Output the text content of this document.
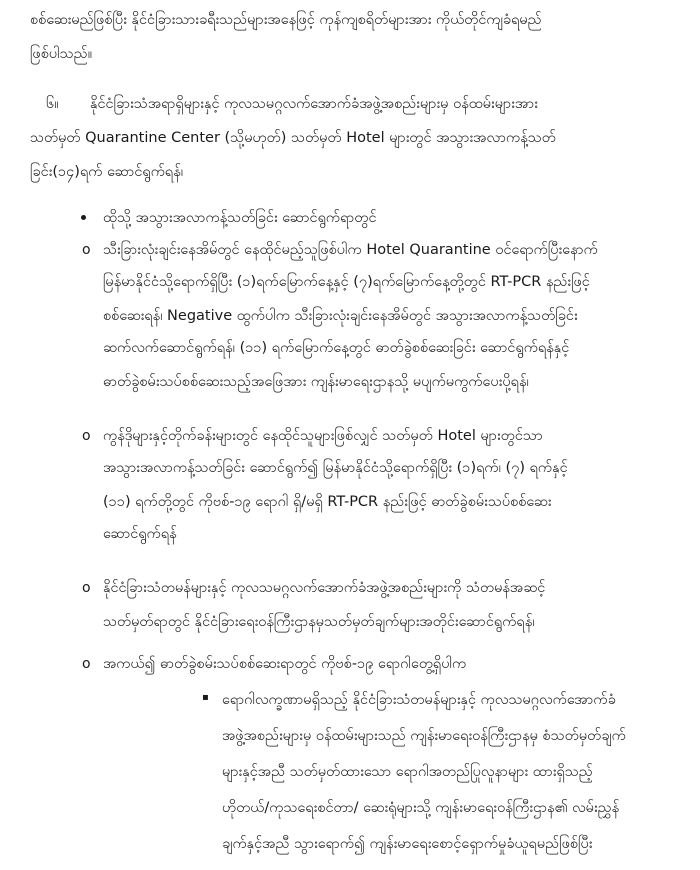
စစ်ဆေးမည်ဖြစ်ပြီး နိုင်ငံခြားသားခရီးသည်များအနေဖြင့် ကုန်ကျစရိတ်များအား ကိုယ်တိုင်ကျခံရမည်
ဖြစ်ပါသည်။
၆။ နိုင်ငံခြားသံအရာရှိများနှင့် ကုလသမဂ္ဂလက်အောက်ခံအဖွဲ့အစည်းများမှ ဝန်ထမ်းများအား
သတ်မှတ် Quarantine Center (သို့မဟုတ်) သတ်မှတ် Hotel များတွင် အသွားအလာကန့်သတ်
ခြင်း(၁၄)ရက် ဆောင်ရွက်ရန်၊
ထိုသို့ အသွားအလာကန့်သတ်ခြင်း ဆောင်ရွက်ရာတွင်
o သီးခြားလုံးချင်းနေအိမ်တွင် နေထိုင်မည့်သူဖြစ်ပါက Hotel Quarantine ဝင်ရောက်ပြီးနောက်
မြန်မာနိုင်ငံသို့ရောက်ရှိပြီး (၁)ရက်မြောက်နေ့နှင့် (၇)ရက်မြောက်နေ့တို့တွင် RT-PCR နည်းဖြင့်
စစ်ဆေးရန်၊ Negative ထွက်ပါက သီးခြားလုံးချင်းနေအိမ်တွင် အသွားအလာကန့်သတ်ခြင်း
ဆက်လက်ဆောင်ရွက်ရန်၊ (၁၁) ရက်မြောက်နေ့တွင် ဓာတ်ခွဲစစ်ဆေးခြင်း ဆောင်ရွက်ရန်နှင့်
ဓာတ်ခွဲစမ်းသပ်စစ်ဆေးသည့်အဖြေအား ကျန်းမာရေးဌာနသို့ မပျက်မကွက်ပေးပို့ရန်၊
o ကွန်ဒိုများနှင့်တိုက်ခန်းများတွင် နေထိုင်သူများဖြစ်လျှင် သတ်မှတ် Hotel များတွင်သာ
အသွားအလာကန့်သတ်ခြင်း ဆောင်ရွက်၍ မြန်မာနိုင်ငံသို့ရောက်ရှိပြီး (၁)ရက်၊ (၇) ရက်နှင့်
(၁၁) ရက်တို့တွင် ကိုဗစ်-၁၉ ရောဂါ ရှိ/မရှိ RT-PCR နည်းဖြင့် ဓာတ်ခွဲစမ်းသပ်စစ်ဆေး
ဆောင်ရွက်ရန်
o နိုင်ငံခြားသံတမန်များနှင့် ကုလသမဂ္ဂလက်အောက်ခံအဖွဲ့အစည်းများကို သံတမန်အဆင့်
သတ်မှတ်ရာတွင် နိုင်ငံခြားရေးဝန်ကြီးဌာနမှသတ်မှတ်ချက်များအတိုင်းဆောင်ရွက်ရန်၊
o အကယ်၍ ဓာတ်ခွဲစမ်းသပ်စစ်ဆေးရာတွင် ကိုဗစ်-၁၉ ရောဂါတွေ့ရှိပါက
▪ ရောဂါလက္ခဏာမရှိသည့် နိုင်ငံခြားသံတမန်များနှင့် ကုလသမဂ္ဂလက်အောက်ခံ
အဖွဲ့အစည်းများမှ ဝန်ထမ်းများသည် ကျန်းမာရေးဝန်ကြီးဌာနမှ စံသတ်မှတ်ချက်
များနှင့်အညီ သတ်မှတ်ထားသော ရောဂါအတည်ပြုလူနာများ ထားရှိသည့်
ဟိုတယ်/ကုသရေးစင်တာ/ ဆေးရုံများသို့ ကျန်းမာရေးဝန်ကြီးဌာန၏ လမ်းညွှန်
ချက်နှင့်အညီ သွားရောက်၍ ကျန်းမာရေးစောင့်ရှောက်မှုခံယူရမည်ဖြစ်ပြီး
